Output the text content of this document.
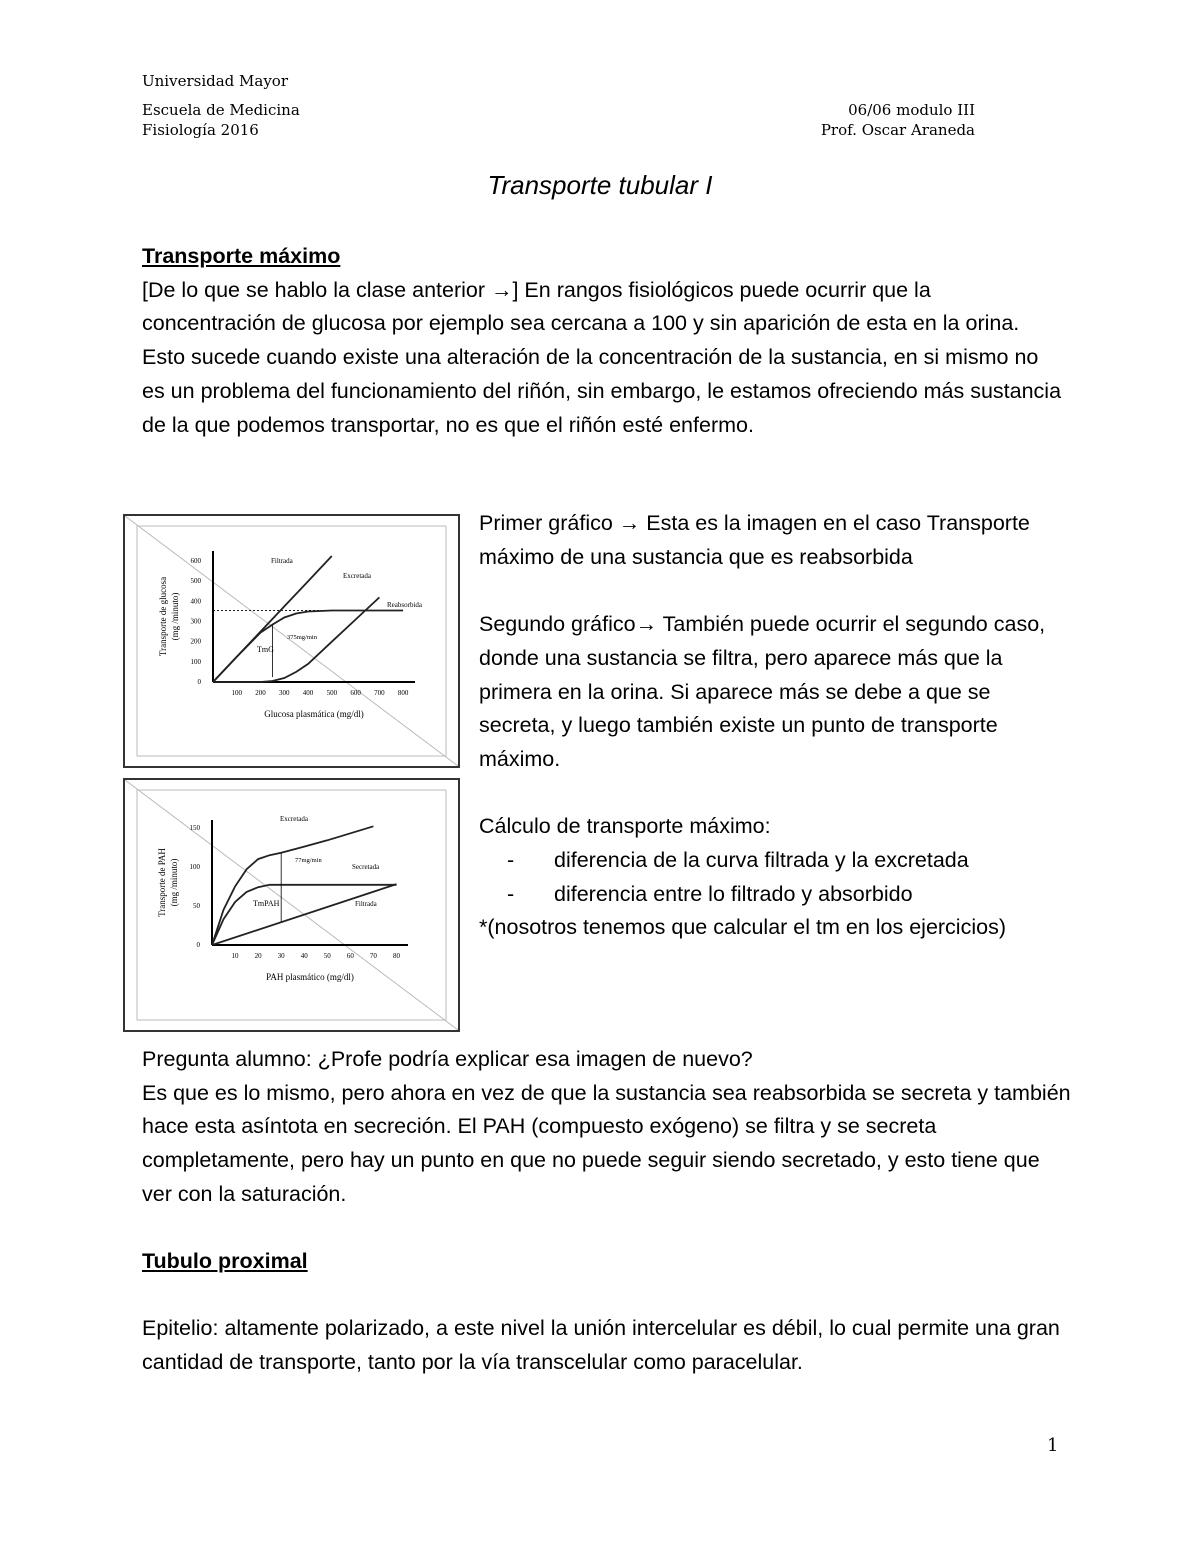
Universidad Mayor
Escuela de Medicina	06/06 modulo III
Fisiología 2016	Prof. Oscar Araneda
Transporte tubular I

Transporte máximo

[De lo que se hablo la clase anterior →] En rangos fisiológicos puede ocurrir que la concentración de glucosa por ejemplo sea cercana a 100 y sin aparición de esta en la orina. Esto sucede cuando existe una alteración de la concentración de la sustancia, en si mismo no es un problema del funcionamiento del riñón, sin embargo, le estamos ofreciendo más sustancia de la que podemos transportar, no es que el riñón esté enfermo.

100 200 300 400 500 600 700 800
0
100
200
300
400
500
600
Glucosa plasmática (mg/dl)
Transporte de glucosa (mg /minuto)
Filtrada
Excretada
Reabsorbida
375mg/min
TmG
10 20 30 40 50 60 70 80
0
50
100
150
PAH plasmático (mg/dl)
Transporte de PAH (mg /minuto)
Excretada
Secretada
Filtrada
77mg/min
TmPAH

Primer gráfico → Esta es la imagen en el caso Transporte máximo de una sustancia que es reabsorbida

Segundo gráfico→ También puede ocurrir el segundo caso, donde una sustancia se filtra, pero aparece más que la primera en la orina. Si aparece más se debe a que se secreta, y luego también existe un punto de transporte máximo.

Cálculo de transporte máximo:

-	diferencia de la curva filtrada y la excretada
-	diferencia entre lo filtrado y absorbido

*(nosotros tenemos que calcular el tm en los ejercicios)

Pregunta alumno: ¿Profe podría explicar esa imagen de nuevo?

Es que es lo mismo, pero ahora en vez de que la sustancia sea reabsorbida se secreta y también hace esta asíntota en secreción. El PAH (compuesto exógeno) se filtra y se secreta completamente, pero hay un punto en que no puede seguir siendo secretado, y esto tiene que ver con la saturación.

Tubulo proximal

Epitelio: altamente polarizado, a este nivel la unión intercelular es débil, lo cual permite una gran cantidad de transporte, tanto por la vía transcelular como paracelular.

1
